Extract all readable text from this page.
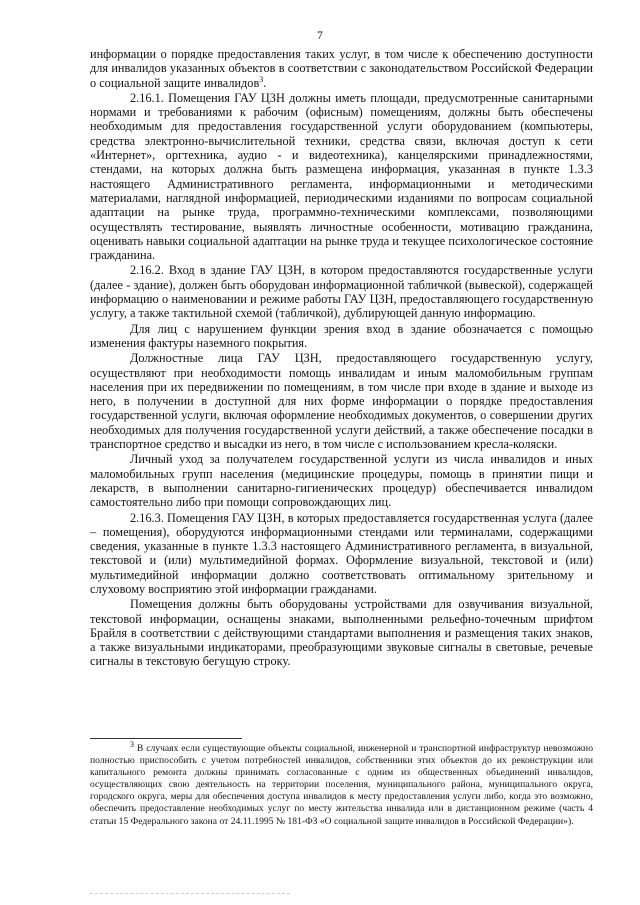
7

информации о порядке предоставления таких услуг, в том числе к обеспечению доступности для инвалидов указанных объектов в соответствии с законодательством Российской Федерации о социальной защите инвалидов$^3$.

2.16.1. Помещения ГАУ ЦЗН должны иметь площади, предусмотренные санитарными нормами и требованиями к рабочим (офисным) помещениям, должны быть обеспечены необходимым для предоставления государственной услуги оборудованием (компьютеры, средства электронно-вычислительной техники, средства связи, включая доступ к сети «Интернет», оргтехника, аудио - и видеотехника), канцелярскими принадлежностями, стендами, на которых должна быть размещена информация, указанная в пункте 1.3.3 настоящего Административного регламента, информационными и методическими материалами, наглядной информацией, периодическими изданиями по вопросам социальной адаптации на рынке труда, программно-техническими комплексами, позволяющими осуществлять тестирование, выявлять личностные особенности, мотивацию гражданина, оценивать навыки социальной адаптации на рынке труда и текущее психологическое состояние гражданина.

2.16.2. Вход в здание ГАУ ЦЗН, в котором предоставляются государственные услуги (далее - здание), должен быть оборудован информационной табличкой (вывеской), содержащей информацию о наименовании и режиме работы ГАУ ЦЗН, предоставляющего государственную услугу, а также тактильной схемой (табличкой), дублирующей данную информацию.

Для лиц с нарушением функции зрения вход в здание обозначается с помощью изменения фактуры наземного покрытия.

Должностные лица ГАУ ЦЗН, предоставляющего государственную услугу, осуществляют при необходимости помощь инвалидам и иным маломобильным группам населения при их передвижении по помещениям, в том числе при входе в здание и выходе из него, в получении в доступной для них форме информации о порядке предоставления государственной услуги, включая оформление необходимых документов, о совершении других необходимых для получения государственной услуги действий, а также обеспечение посадки в транспортное средство и высадки из него, в том числе с использованием кресла-коляски.

Личный уход за получателем государственной услуги из числа инвалидов и иных маломобильных групп населения (медицинские процедуры, помощь в принятии пищи и лекарств, в выполнении санитарно-гигиенических процедур) обеспечивается инвалидом самостоятельно либо при помощи сопровождающих лиц.

2.16.3. Помещения ГАУ ЦЗН, в которых предоставляется государственная услуга (далее – помещения), оборудуются информационными стендами или терминалами, содержащими сведения, указанные в пункте 1.3.3 настоящего Административного регламента, в визуальной, текстовой и (или) мультимедийной формах. Оформление визуальной, текстовой и (или) мультимедийной информации должно соответствовать оптимальному зрительному и слуховому восприятию этой информации гражданами.

Помещения должны быть оборудованы устройствами для озвучивания визуальной, текстовой информации, оснащены знаками, выполненными рельефно-точечным шрифтом Брайля в соответствии с действующими стандартами выполнения и размещения таких знаков, а также визуальными индикаторами, преобразующими звуковые сигналы в световые, речевые сигналы в текстовую бегущую строку.

$^3$ В случаях если существующие объекты социальной, инженерной и транспортной инфраструктур невозможно полностью приспособить с учетом потребностей инвалидов, собственники этих объектов до их реконструкции или капитального ремонта должны принимать согласованные с одним из общественных объединений инвалидов, осуществляющих свою деятельность на территории поселения, муниципального района, муниципального округа, городского округа, меры для обеспечения доступа инвалидов к месту предоставления услуги либо, когда это возможно, обеспечить предоставление необходимых услуг по месту жительства инвалида или в дистанционном режиме (часть 4 статьи 15 Федерального закона от 24.11.1995 № 181-ФЗ «О социальной защите инвалидов в Российской Федерации»).
